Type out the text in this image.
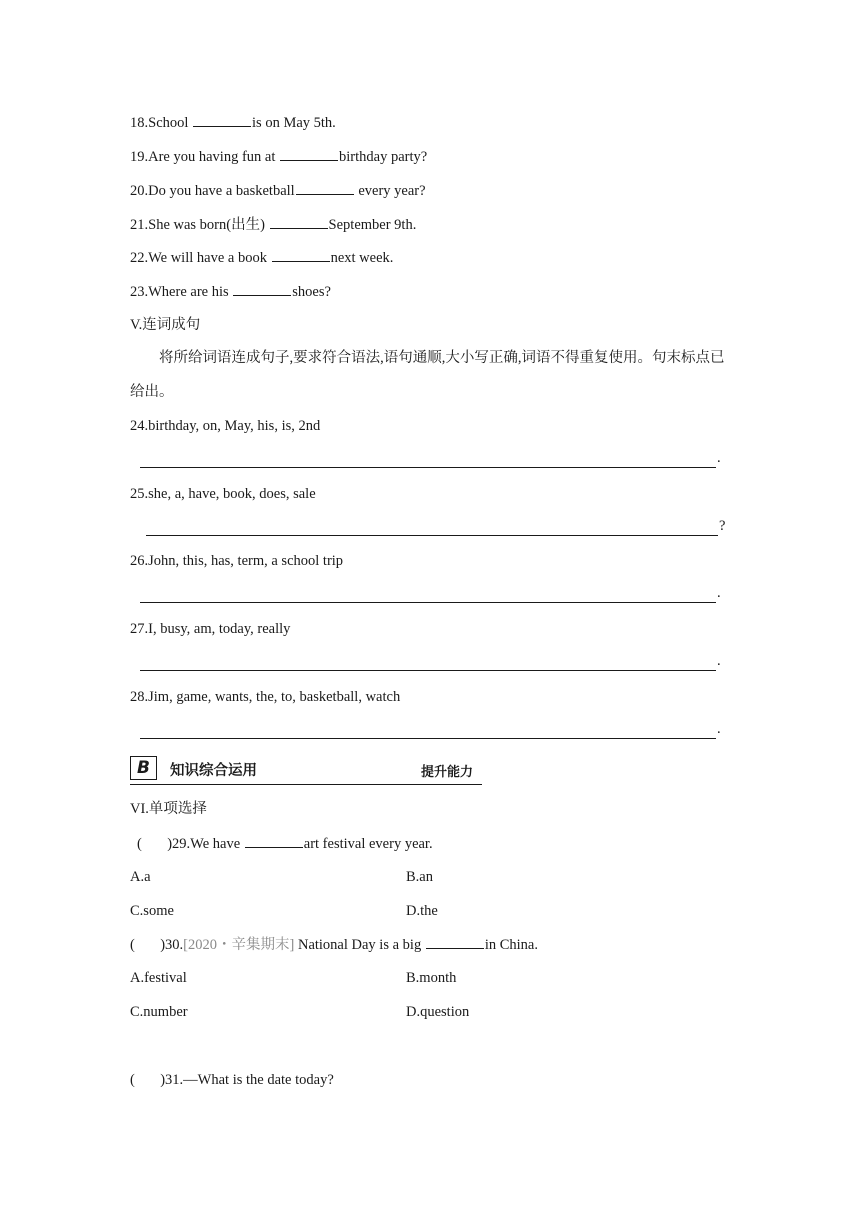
18.School	is on May 5th.
19.Are you having fun at	birthday party?
20.Do you have a basketball	every year?
21.She was born(出生)	September 9th.
22.We will have a book	next week.
23.Where are his	shoes?
V.连词成句
将所给词语连成句子,要求符合语法,语句通顺,大小写正确,词语不得重复使用。句末标点已给出。
24.birthday, on, May, his, is, 2nd
.
25.she, a, have, book, does, sale
?
26.John, this, has, term, a school trip
.
27.I, busy, am, today, really
.
28.Jim, game, wants, the, to, basketball, watch
.
B	知识综合运用	提升能力
VI.单项选择
(       )29.We have	art festival every year.
A.a	B.an
C.some	D.the
(       )30.[2020・辛集期末] National Day is a big	in China.
A.festival	B.month
C.number	D.question
(       )31.—What is the date today?
